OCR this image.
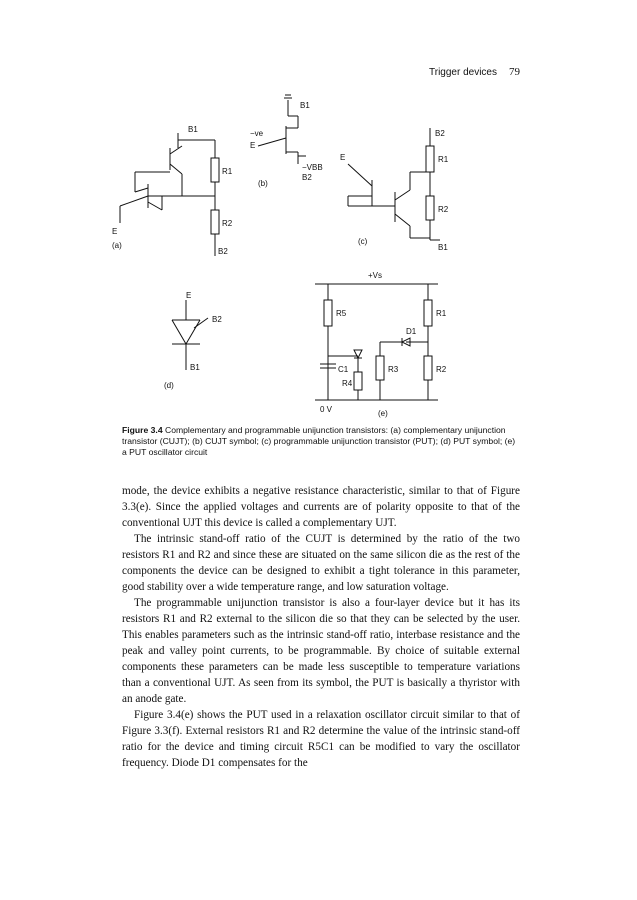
Trigger devices 79
B1
R1
R2
E
(a)
B2
B1
−ve
E
−VBB
B2
(b)
B2
E	R1
R2
(c)
B1
E
B2
B1
(d)
+Vs
R5	R1
D1
C1	R3
R4
R2
0 V	(e)
Figure 3.4 Complementary and programmable unijunction transistors: (a) complementary unijunction transistor (CUJT); (b) CUJT symbol; (c) programmable unijunction transistor (PUT); (d) PUT symbol; (e) a PUT oscillator circuit

mode, the device exhibits a negative resistance characteristic, similar to that of Figure 3.3(e). Since the applied voltages and currents are of polarity opposite to that of the conventional UJT this device is called a complementary UJT.

The intrinsic stand-off ratio of the CUJT is determined by the ratio of the two resistors R1 and R2 and since these are situated on the same silicon die as the rest of the components the device can be designed to exhibit a tight tolerance in this parameter, good stability over a wide temperature range, and low saturation voltage.

The programmable unijunction transistor is also a four-layer device but it has its resistors R1 and R2 external to the silicon die so that they can be selected by the user. This enables parameters such as the intrinsic stand-off ratio, interbase resistance and the peak and valley point currents, to be programmable. By choice of suitable external components these parameters can be made less susceptible to temperature variations than a conventional UJT. As seen from its symbol, the PUT is basically a thyristor with an anode gate.

Figure 3.4(e) shows the PUT used in a relaxation oscillator circuit similar to that of Figure 3.3(f). External resistors R1 and R2 determine the value of the intrinsic stand-off ratio for the device and timing circuit R5C1 can be modified to vary the oscillator frequency. Diode D1 compensates for the
